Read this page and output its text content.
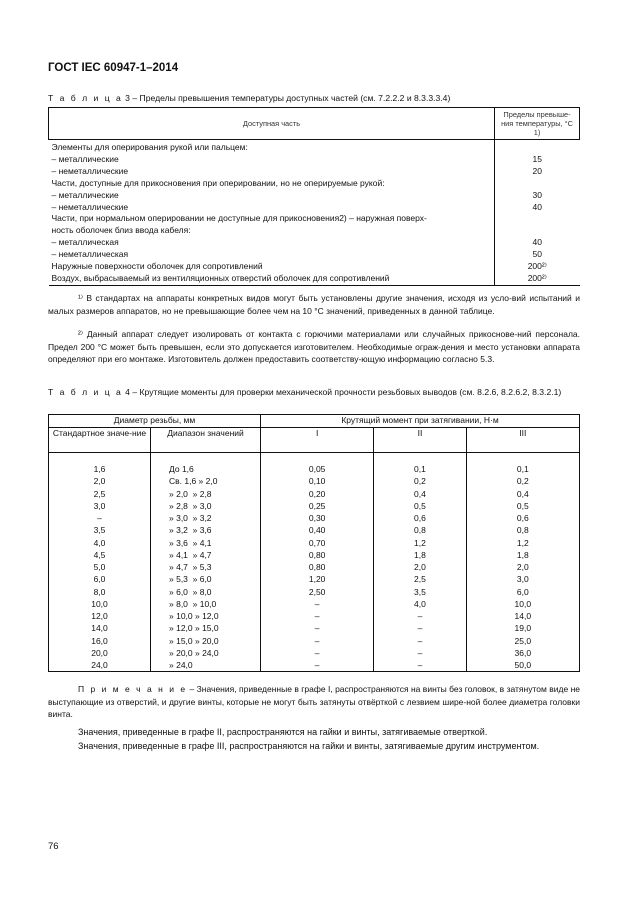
ГОСТ IEC 60947-1–2014
Т а б л и ц а 3 – Пределы превышения температуры доступных частей (см. 7.2.2.2 и 8.3.3.3.4)
Доступная часть	Пределы превыше-ния температуры, °С 1)
Элементы для оперирования рукой или пальцем:	
– металлические	15
– неметаллические	20
Части, доступные для прикосновения при оперировании, но не оперируемые рукой:	
– металлические	30
– неметаллические	40
Части, при нормальном оперировании не доступные для прикосновения2) – наружная поверх-	
ность оболочек близ ввода кабеля:	
– металлическая	40
– неметаллическая	50
Наружные поверхности оболочек для сопротивлений	200²⁾
Воздух, выбрасываемый из вентиляционных отверстий оболочек для сопротивлений	200²⁾
¹⁾ В стандартах на аппараты конкретных видов могут быть установлены другие значения, исходя из усло-вий испытаний и малых размеров аппаратов, но не превышающие более чем на 10 °С значений, приведенных в данной таблице.
²⁾ Данный аппарат следует изолировать от контакта с горючими материалами или случайных прикоснове-ний персонала. Предел 200 °С может быть превышен, если это допускается изготовителем. Необходимые ограж-дения и место установки аппарата определяют при его монтаже. Изготовитель должен предоставить соответству-ющую информацию согласно 5.3.
Т а б л и ц а 4 – Крутящие моменты для проверки механической прочности резьбовых выводов (см. 8.2.6, 8.2.6.2, 8.3.2.1)
Диаметр резьбы, мм		Крутящий момент при затягивании, Н·м		
Стандартное значе-ние	Диапазон значений	I	II	III

1,6	До 1,6	0,05	0,1	0,1
2,0	Св. 1,6 » 2,0	0,10	0,2	0,2
2,5	» 2,0  » 2,8	0,20	0,4	0,4
3,0	» 2,8  » 3,0	0,25	0,5	0,5
–	» 3,0  » 3,2	0,30	0,6	0,6
3,5	» 3,2  » 3,6	0,40	0,8	0,8
4,0	» 3,6  » 4,1	0,70	1,2	1,2
4,5	» 4,1  » 4,7	0,80	1,8	1,8
5,0	» 4,7  » 5,3	0,80	2,0	2,0
6,0	» 5,3  » 6,0	1,20	2,5	3,0
8,0	» 6,0  » 8,0	2,50	3,5	6,0
10,0	» 8,0  » 10,0	–	4,0	10,0
12,0	» 10,0 » 12,0	–	–	14,0
14,0	» 12,0 » 15,0	–	–	19,0
16,0	» 15,0 » 20,0	–	–	25,0
20,0	» 20,0 » 24,0	–	–	36,0
24,0	» 24,0	–	–	50,0
П р и м е ч а н и е – Значения, приведенные в графе I, распространяются на винты без головок, в затянутом виде не выступающие из отверстий, и другие винты, которые не могут быть затянуты отвёрткой с лезвием шире-ной более диаметра головки винта.
Значения, приведенные в графе II, распространяются на гайки и винты, затягиваемые отверткой.
Значения, приведенные в графе III, распространяются на гайки и винты, затягиваемые другим инструментом.
76
